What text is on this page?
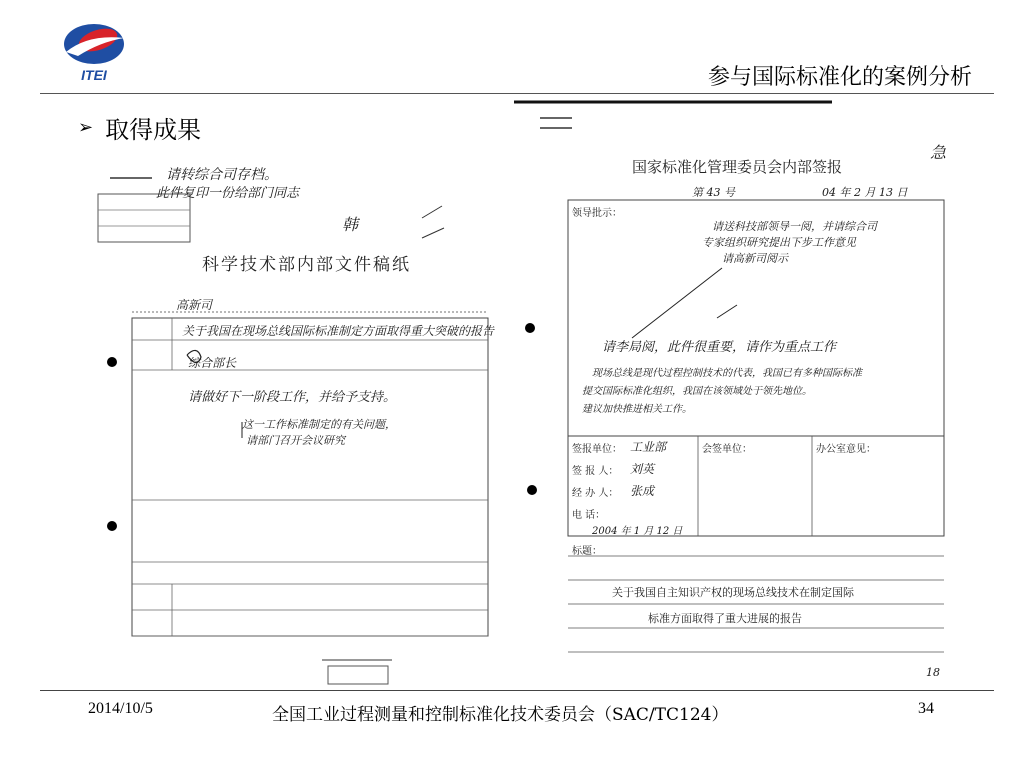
ITEI	参与国际标准化的案例分析
➢ 取得成果
请转综合司存档。
此件复印一份给部门同志
韩
科学技术部内部文件稿纸
高新司
关于我国在现场总线国际标准制定方面取得重大突破的报告
综合部长
请做好下一阶段工作，并给予支持。
这一工作标准制定的有关问题，
请部门召开会议研究
急
国家标准化管理委员会内部签报
第 43 号	04 年 2 月 13 日
领导批示：
请送科技部领导一阅，并请综合司
专家组织研究提出下步工作意见
请高新司阅示
请李局阅，此件很重要，请作为重点工作
现场总线是现代过程控制技术的代表，我国已有多种国际标准
提交国际标准化组织，我国在该领域处于领先地位。
建议加快推进相关工作。
签报单位： 工业部
签 报 人： 刘英
经 办 人： 张成
电 话：
2004 年 1 月 12 日
会签单位：	办公室意见：
标题：
关于我国自主知识产权的现场总线技术在制定国际
标准方面取得了重大进展的报告
18
2014/10/5	全国工业过程测量和控制标准化技术委员会（SAC/TC124）	34
